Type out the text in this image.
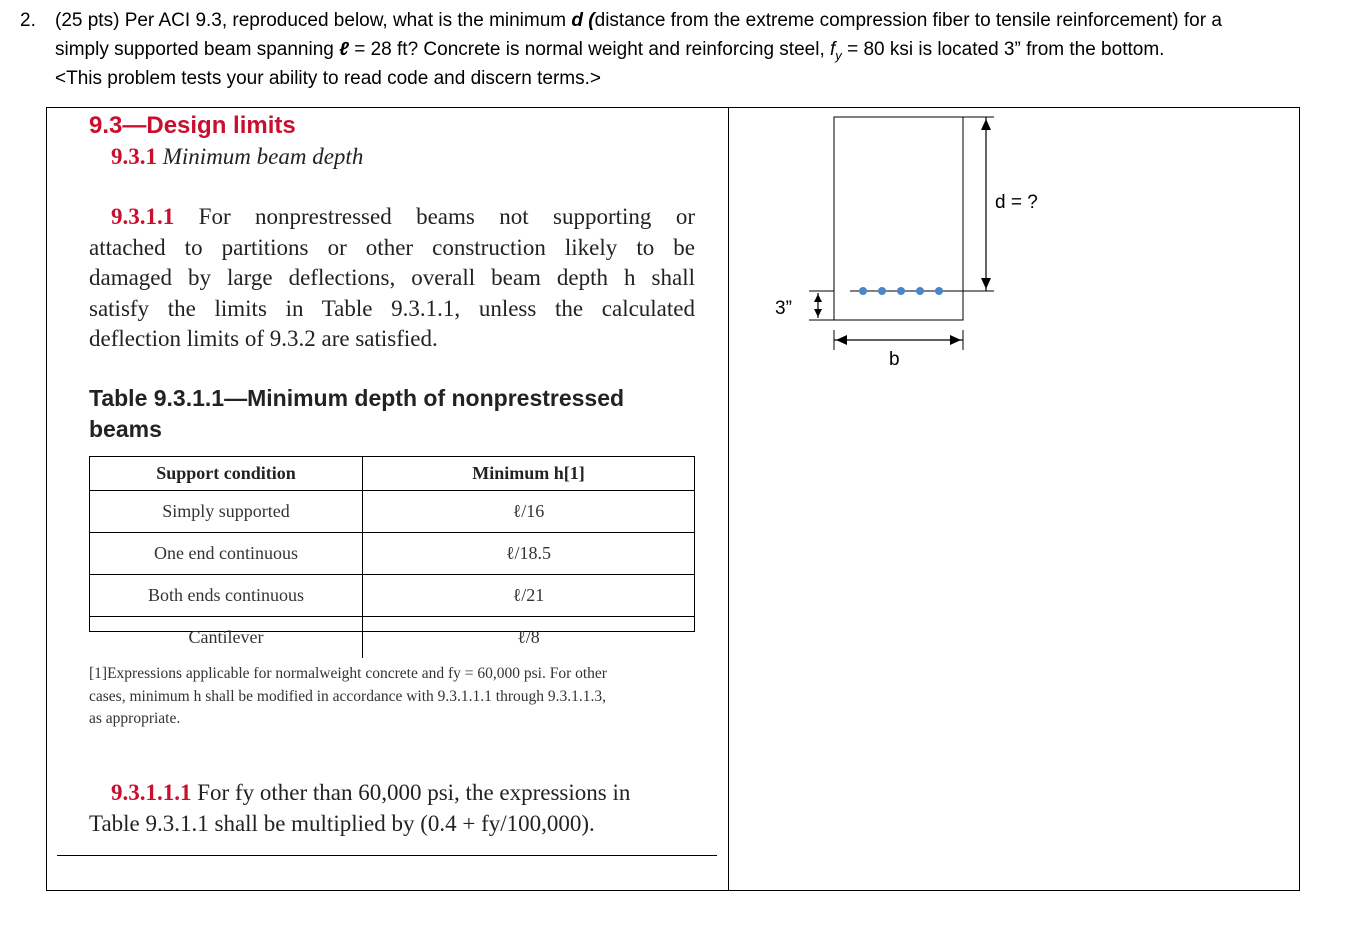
2. (25 pts) Per ACI 9.3, reproduced below, what is the minimum d (distance from the extreme compression fiber to tensile reinforcement) for a
simply supported beam spanning ℓ = 28 ft? Concrete is normal weight and reinforcing steel, $f_y = 80$ ksi is located 3” from the bottom.
<This problem tests your ability to read code and discern terms.>
9.3—Design limits
9.3.1 Minimum beam depth
9.3.1.1 For nonprestressed beams not supporting or
attached to partitions or other construction likely to be
damaged by large deflections, overall beam depth h shall
satisfy the limits in Table 9.3.1.1, unless the calculated
deflection limits of 9.3.2 are satisfied.
Table 9.3.1.1—Minimum depth of nonprestressed
beams
Support condition	Minimum h[1]
Simply supported	ℓ/16
One end continuous	ℓ/18.5
Both ends continuous	ℓ/21
Cantilever	ℓ/8
[1]Expressions applicable for normalweight concrete and fy = 60,000 psi. For other
cases, minimum h shall be modified in accordance with 9.3.1.1.1 through 9.3.1.1.3,
as appropriate.
9.3.1.1.1 For fy other than 60,000 psi, the expressions in
Table 9.3.1.1 shall be multiplied by (0.4 + fy/100,000).
d = ?
3”
b
